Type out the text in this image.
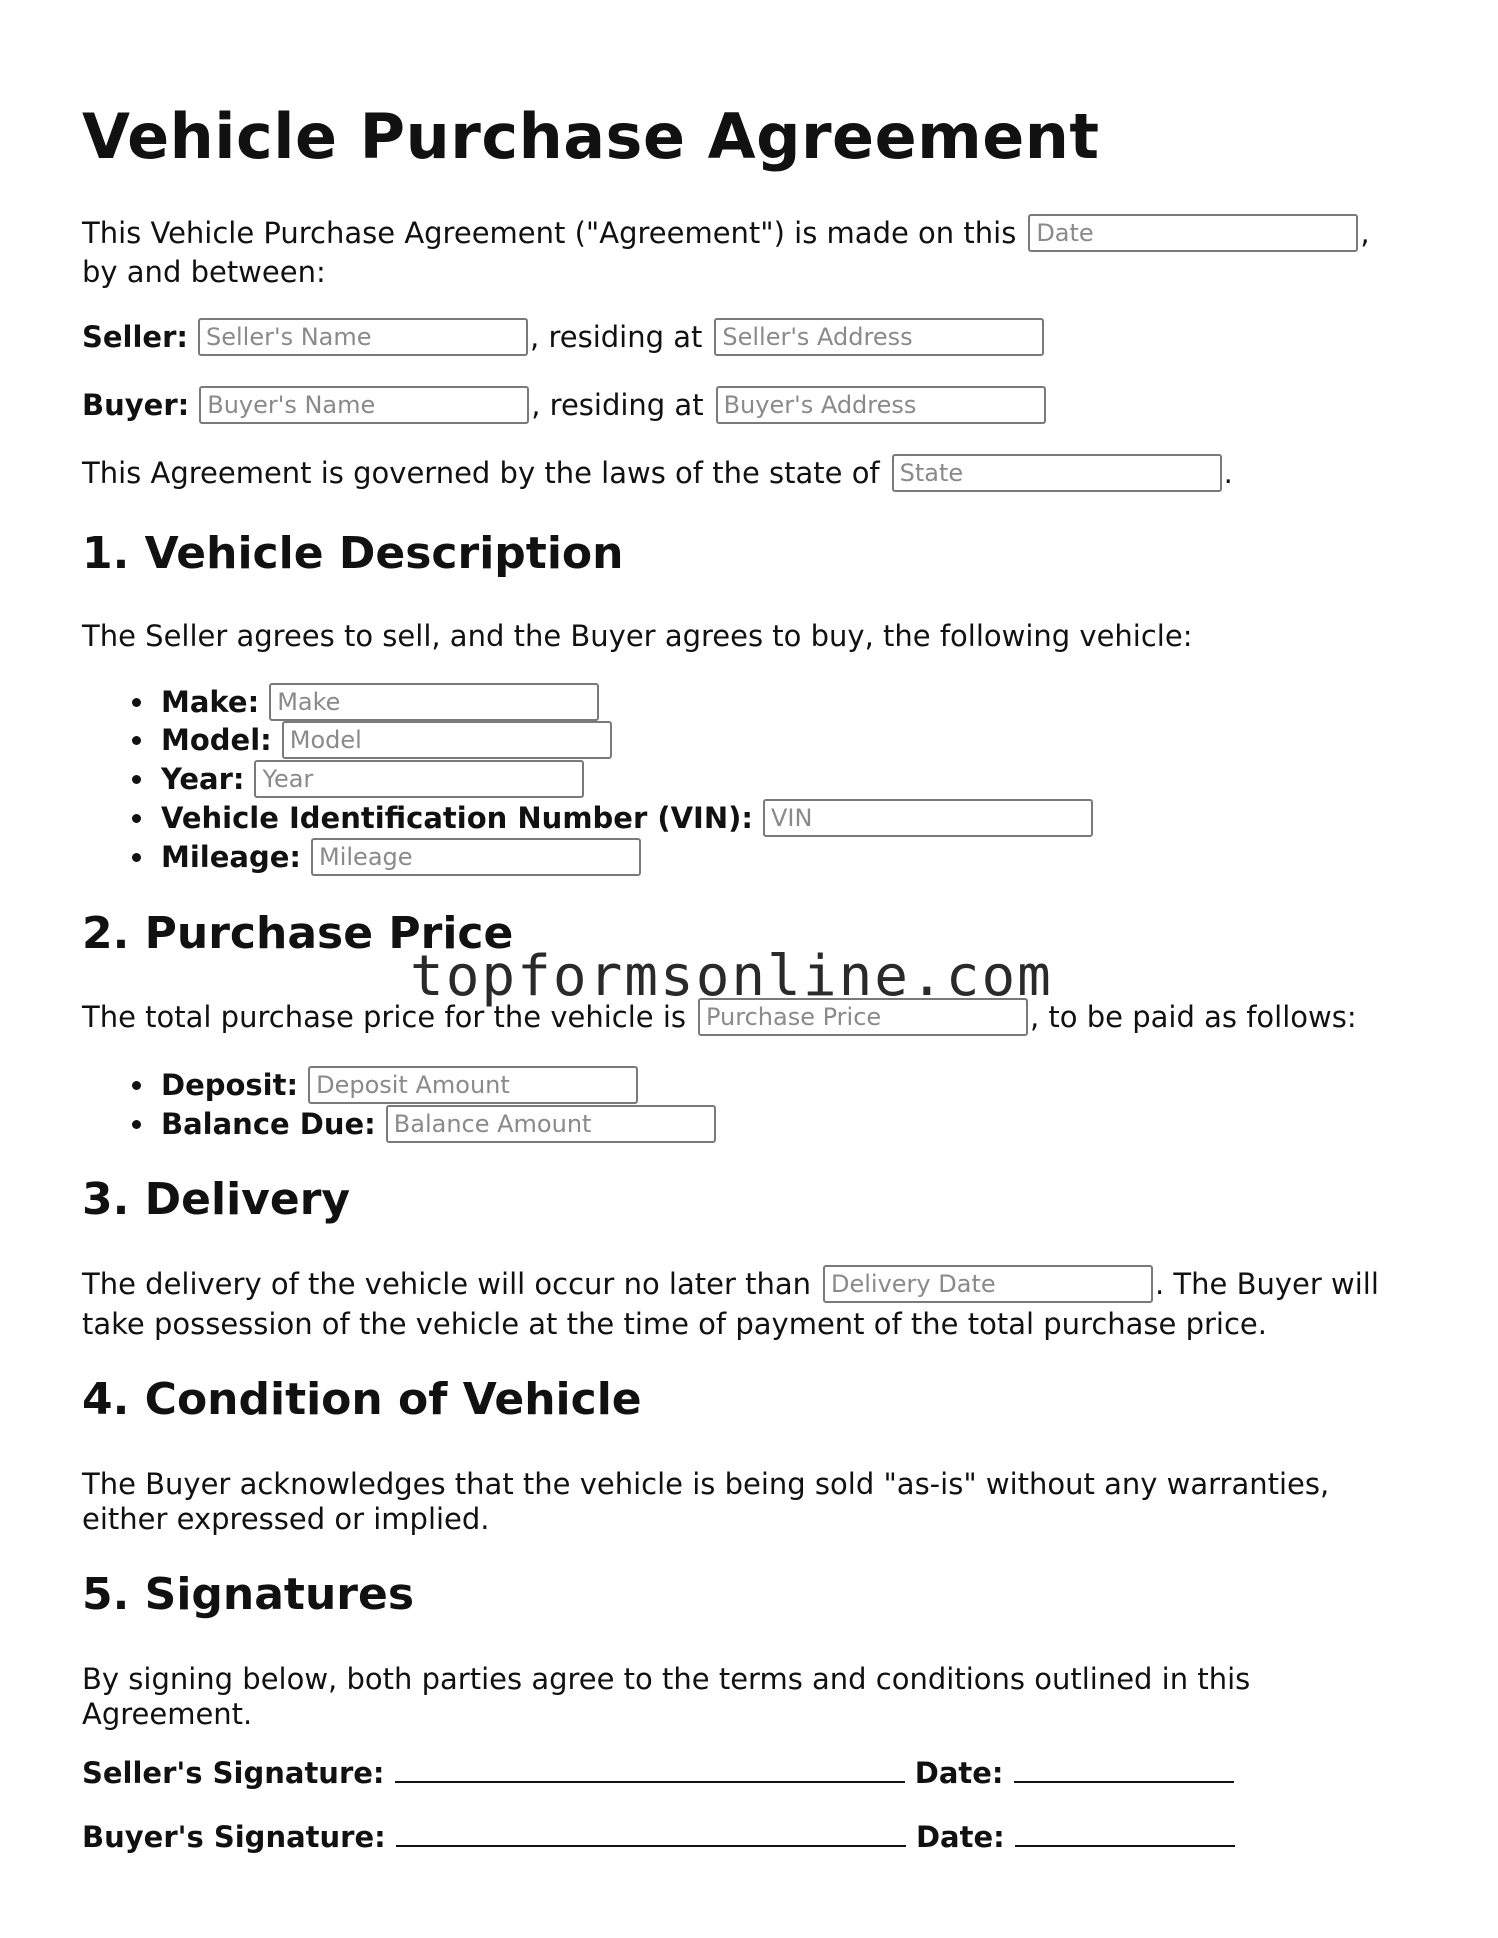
Vehicle Purchase Agreement
This Vehicle Purchase Agreement ("Agreement") is made on this
Date	,

by and between:

Seller:
Seller's Name	, residing at
Seller's Address
Buyer:
Buyer's Name	, residing at
Buyer's Address
This Agreement is governed by the laws of the state of
State	.
1. Vehicle Description

The Seller agrees to sell, and the Buyer agrees to buy, the following vehicle:

Make:
Make
Model:
Model
Year:
Year
Vehicle Identification Number (VIN):
VIN
Mileage:
Mileage
2. Purchase Price
The total purchase price for the vehicle is
Purchase Price	, to be paid as follows:
Deposit:
Deposit Amount
Balance Due:
Balance Amount
3. Delivery
The delivery of the vehicle will occur no later than
Delivery Date	. The Buyer will

take possession of the vehicle at the time of payment of the total purchase price.

4. Condition of Vehicle

The Buyer acknowledges that the vehicle is being sold "as-is" without any warranties,

either expressed or implied.

5. Signatures

By signing below, both parties agree to the terms and conditions outlined in this

Agreement.

Seller's Signature:	Date:
Buyer's Signature:	Date:
topformsonline.com
